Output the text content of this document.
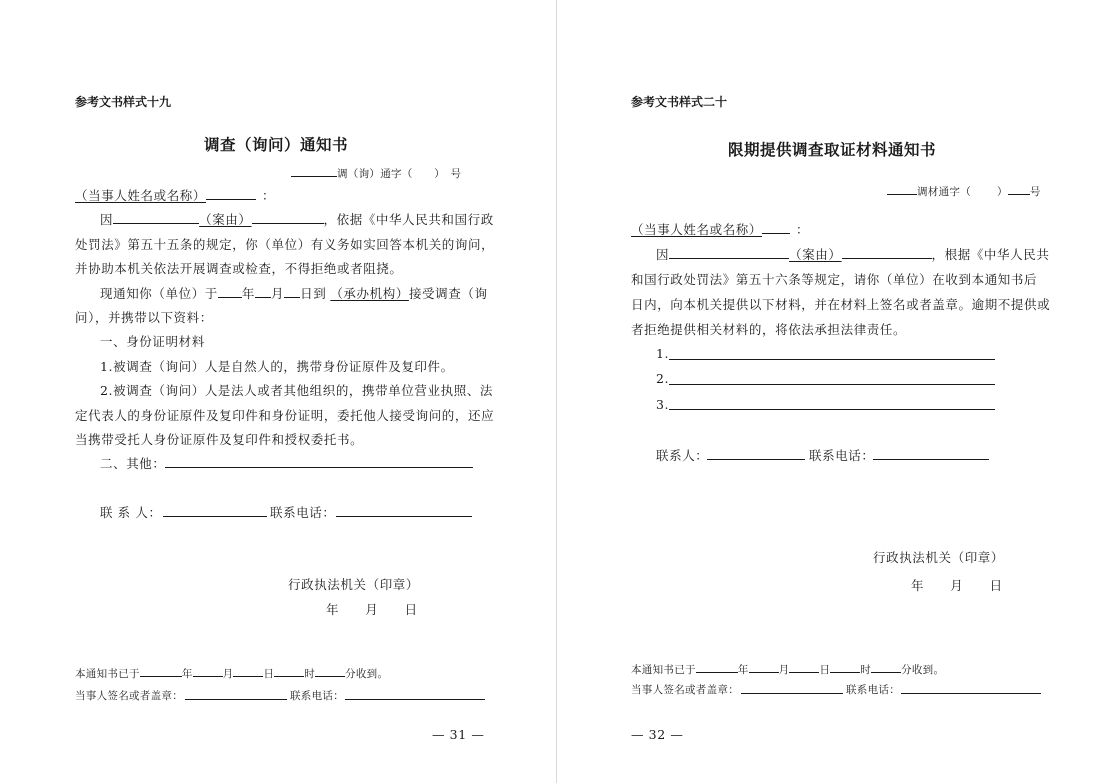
参考文书样式十九
调查（询问）通知书
调（询）通字（　　）　号
（当事人姓名或名称）	：
因	（案由）	，依据《中华人民共和国行政
处罚法》第五十五条的规定，你（单位）有义务如实回答本机关的询问，
并协助本机关依法开展调查或检查，不得拒绝或者阻挠。
现通知你（单位）于 年 月 日到 （承办机构）接受调查（询
问），并携带以下资料：
一、身份证明材料
1.被调查（询问）人是自然人的，携带身份证原件及复印件。
2.被调查（询问）人是法人或者其他组织的，携带单位营业执照、法
定代表人的身份证原件及复印件和身份证明，委托他人接受询问的，还应
当携带受托人身份证原件及复印件和授权委托书。
二、其他：
联 系 人：	联系电话：
行政执法机关（印章）
年　　月　　日
本通知书已于	年	月	日	时	分收到。
当事人签名或者盖章：	联系电话：
— 31 —
参考文书样式二十
限期提供调查取证材料通知书
调材通字（ ） 号
（当事人姓名或名称）	：
因	（案由）	，根据《中华人民共
和国行政处罚法》第五十六条等规定，请你（单位）在收到本通知书后
日内，向本机关提供以下材料，并在材料上签名或者盖章。逾期不提供或
者拒绝提供相关材料的，将依法承担法律责任。
1.
2.
3.
联系人：	联系电话：
行政执法机关（印章）
年　　月　　日
本通知书已于	年	月	日	时	分收到。
当事人签名或者盖章：	联系电话：
— 32 —
